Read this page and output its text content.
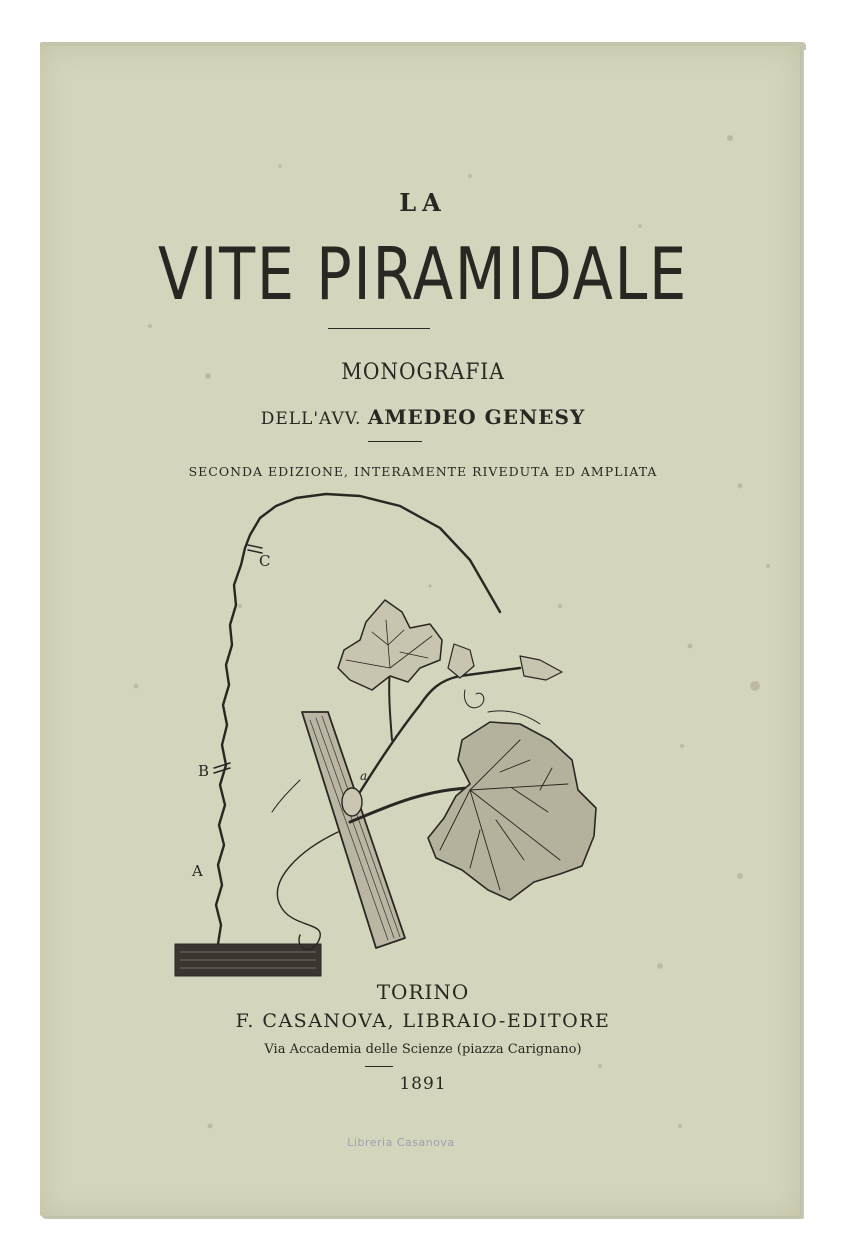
LA

VITE PIRAMIDALE

MONOGRAFIA

DELL'AVV. AMEDEO GENESY

SECONDA EDIZIONE, INTERAMENTE RIVEDUTA ED AMPLIATA

C
B
A
a

TORINO

F. CASANOVA, LIBRAIO-EDITORE

Via Accademia delle Scienze (piazza Carignano)

1891

Libreria Casanova
